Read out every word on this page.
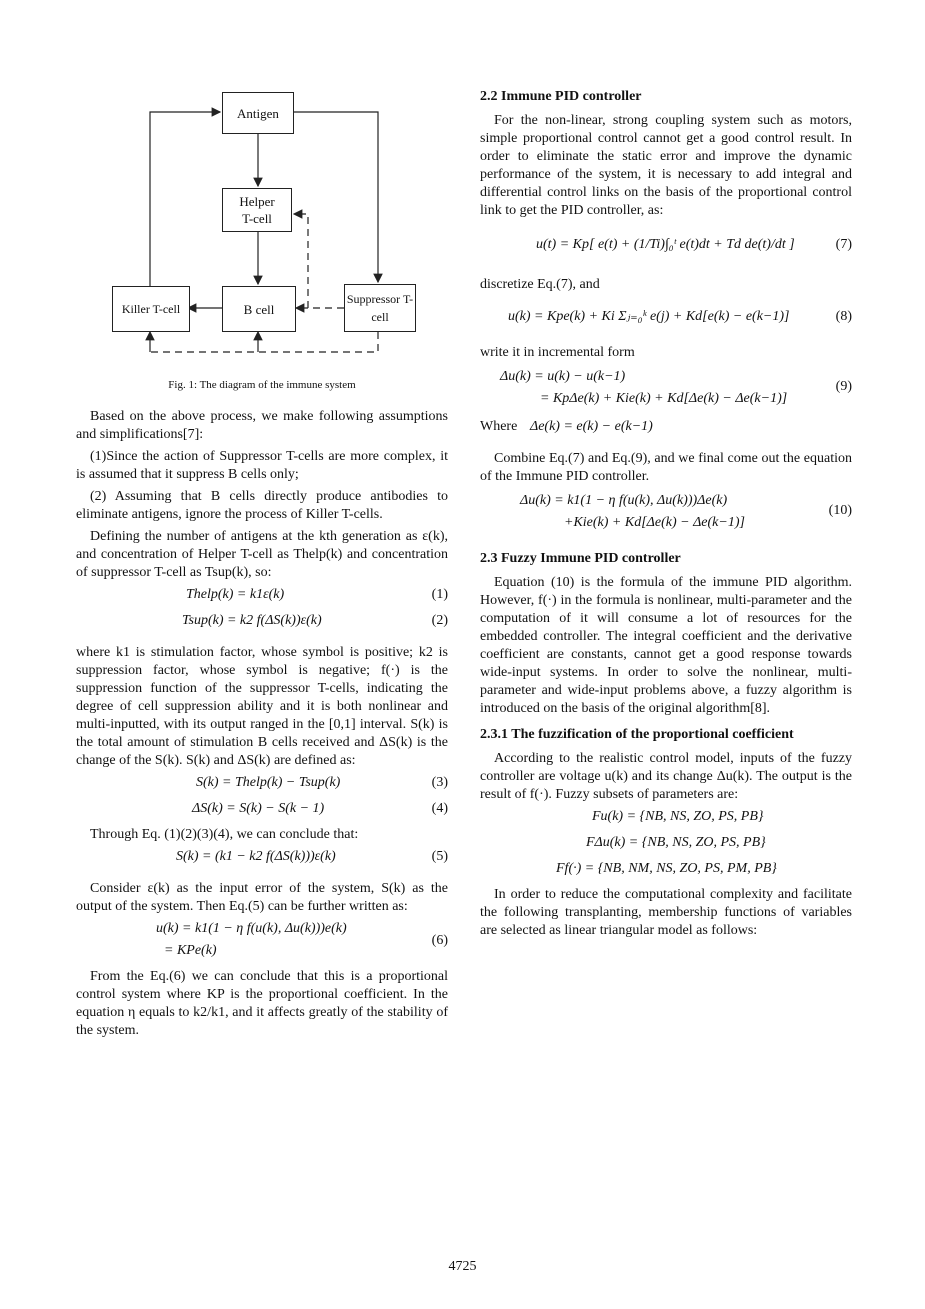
Antigen
Helper T-cell
Killer T-cell	B cell
Suppressor T-cell
Fig. 1: The diagram of the immune system

Based on the above process, we make following assumptions and simplifications[7]:

(1)Since the action of Suppressor T-cells are more complex, it is assumed that it suppress B cells only;

(2) Assuming that B cells directly produce antibodies to eliminate antigens, ignore the process of Killer T-cells.

Defining the number of antigens at the kth generation as ε(k), and concentration of Helper T-cell as Thelp(k) and concentration of suppressor T-cell as Tsup(k), so:

Thelp(k) = k1ε(k)	(1)
Tsup(k) = k2 f(ΔS(k))ε(k)	(2)

where k1 is stimulation factor, whose symbol is positive; k2 is suppression factor, whose symbol is negative; f(·) is the suppression function of the suppressor T-cells, indicating the degree of cell suppression ability and it is both nonlinear and multi-inputted, with its output ranged in the [0,1] interval. S(k) is the total amount of stimulation B cells received and ΔS(k) is the change of the S(k). S(k) and ΔS(k) are defined as:

S(k) = Thelp(k) − Tsup(k)	(3)
ΔS(k) = S(k) − S(k − 1)	(4)

Through Eq. (1)(2)(3)(4), we can conclude that:

S(k) = (k1 − k2 f(ΔS(k)))ε(k)	(5)

Consider ε(k) as the input error of the system, S(k) as the output of the system. Then Eq.(5) can be further written as:

u(k) = k1(1 − η f(u(k), Δu(k)))e(k)
= KPe(k)
(6)

From the Eq.(6) we can conclude that this is a proportional control system where KP is the proportional coefficient. In the equation η equals to k2/k1, and it affects greatly of the stability of the system.

2.2 Immune PID controller

For the non-linear, strong coupling system such as motors, simple proportional control cannot get a good control result. In order to eliminate the static error and improve the dynamic performance of the system, it is necessary to add integral and differential control links on the basis of the proportional control link to get the PID controller, as:

u(t) = Kp[ e(t) + (1/Ti)∫₀ᵗ e(t)dt + Td de(t)/dt ]	(7)

discretize Eq.(7), and

u(k) = Kpe(k) + Ki Σⱼ₌₀ᵏ e(j) + Kd[e(k) − e(k−1)]	(8)

write it in incremental form

Δu(k) = u(k) − u(k−1)
= KpΔe(k) + Kie(k) + Kd[Δe(k) − Δe(k−1)]
(9)
Where Δe(k) = e(k) − e(k−1)

Combine Eq.(7) and Eq.(9), and we final come out the equation of the Immune PID controller.

Δu(k) = k1(1 − η f(u(k), Δu(k)))Δe(k)
+Kie(k) + Kd[Δe(k) − Δe(k−1)]
(10)
2.3 Fuzzy Immune PID controller

Equation (10) is the formula of the immune PID algorithm. However, f(·) in the formula is nonlinear, multi-parameter and the computation of it will consume a lot of resources for the embedded controller. The integral coefficient and the derivative coefficient are constants, cannot get a good response towards wide-input systems. In order to solve the nonlinear, multi-parameter and wide-input problems above, a fuzzy algorithm is introduced on the basis of the original algorithm[8].

2.3.1 The fuzzification of the proportional coefficient

According to the realistic control model, inputs of the fuzzy controller are voltage u(k) and its change Δu(k). The output is the result of f(·). Fuzzy subsets of parameters are:

Fu(k) = {NB, NS, ZO, PS, PB}
FΔu(k) = {NB, NS, ZO, PS, PB}
Ff(·) = {NB, NM, NS, ZO, PS, PM, PB}

In order to reduce the computational complexity and facilitate the following transplanting, membership functions of variables are selected as linear triangular model as follows:

4725
